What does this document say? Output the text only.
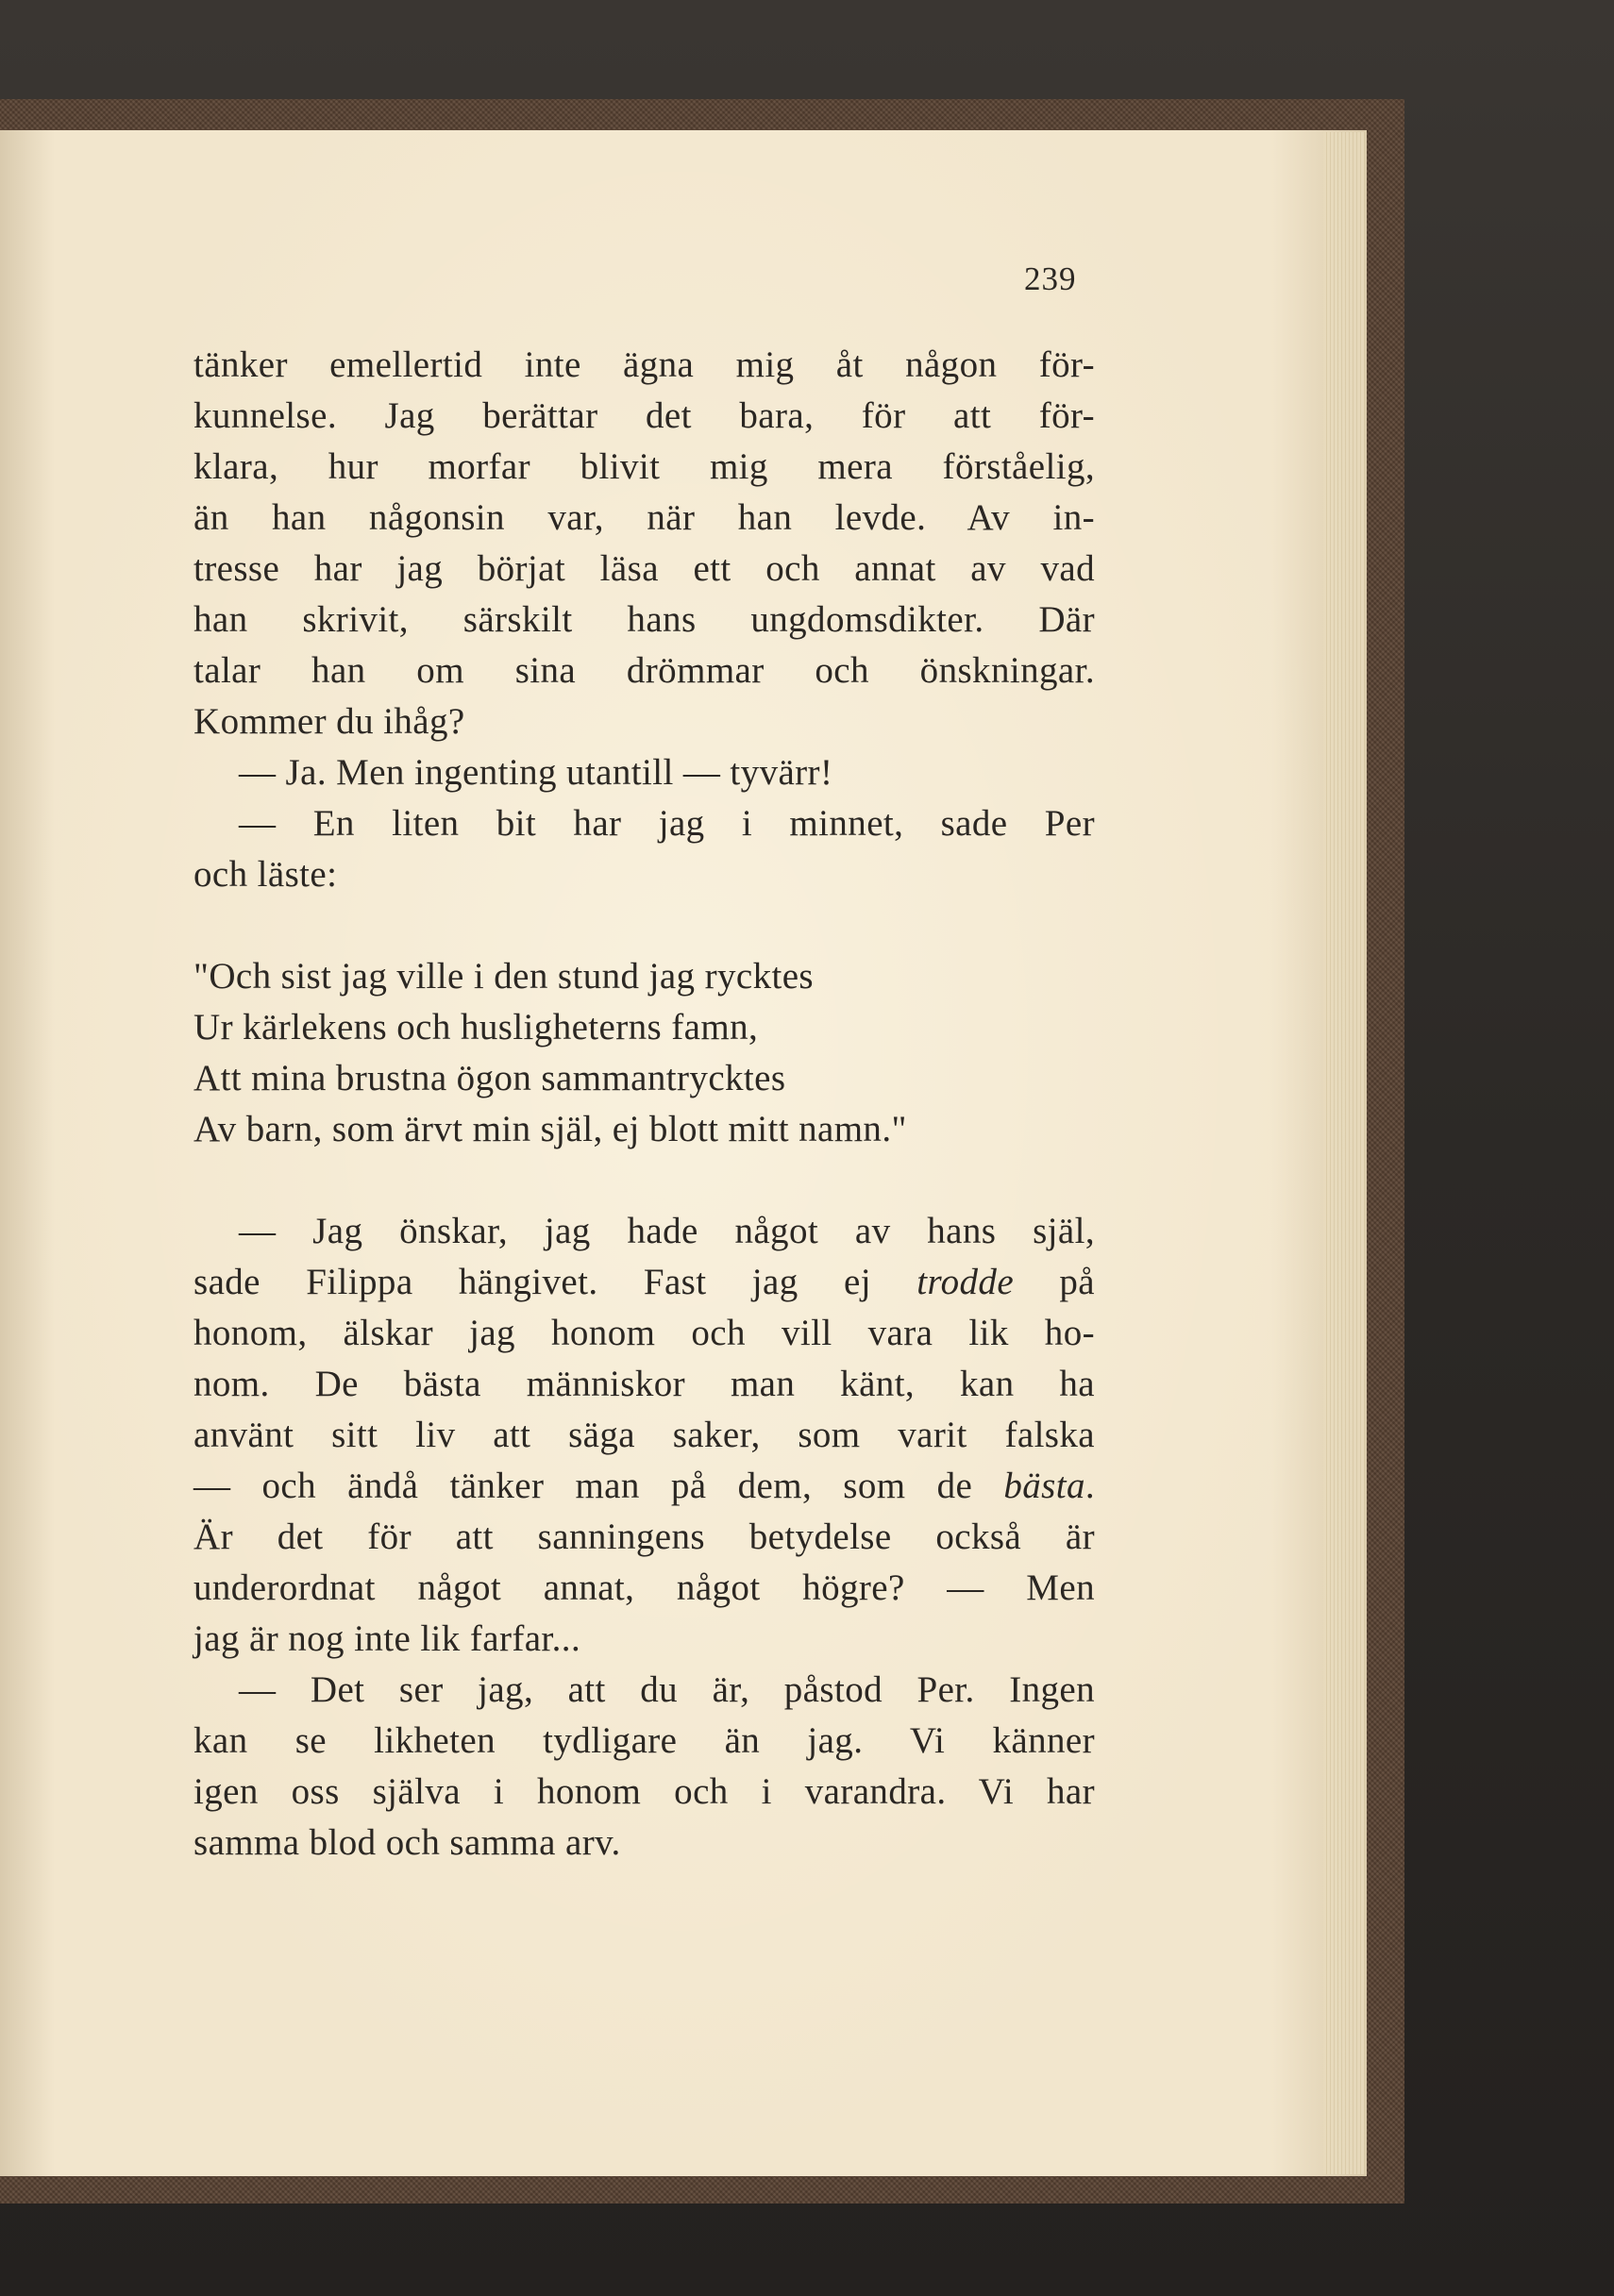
239
tänker emellertid inte ägna mig åt någon för-
kunnelse. Jag berättar det bara, för att för-
klara, hur morfar blivit mig mera förståelig,
än han någonsin var, när han levde. Av in-
tresse har jag börjat läsa ett och annat av vad
han skrivit, särskilt hans ungdomsdikter. Där
talar han om sina drömmar och önskningar.
Kommer du ihåg?
— Ja. Men ingenting utantill — tyvärr!
— En liten bit har jag i minnet, sade Per
och läste:
"Och sist jag ville i den stund jag rycktes
Ur kärlekens och husligheterns famn,
Att mina brustna ögon sammantrycktes
Av barn, som ärvt min själ, ej blott mitt namn."
— Jag önskar, jag hade något av hans själ,
sade Filippa hängivet. Fast jag ej trodde på
honom, älskar jag honom och vill vara lik ho-
nom. De bästa människor man känt, kan ha
använt sitt liv att säga saker, som varit falska
— och ändå tänker man på dem, som de bästa.
Är det för att sanningens betydelse också är
underordnat något annat, något högre? — Men
jag är nog inte lik farfar...
— Det ser jag, att du är, påstod Per. Ingen
kan se likheten tydligare än jag. Vi känner
igen oss själva i honom och i varandra. Vi har
samma blod och samma arv.
